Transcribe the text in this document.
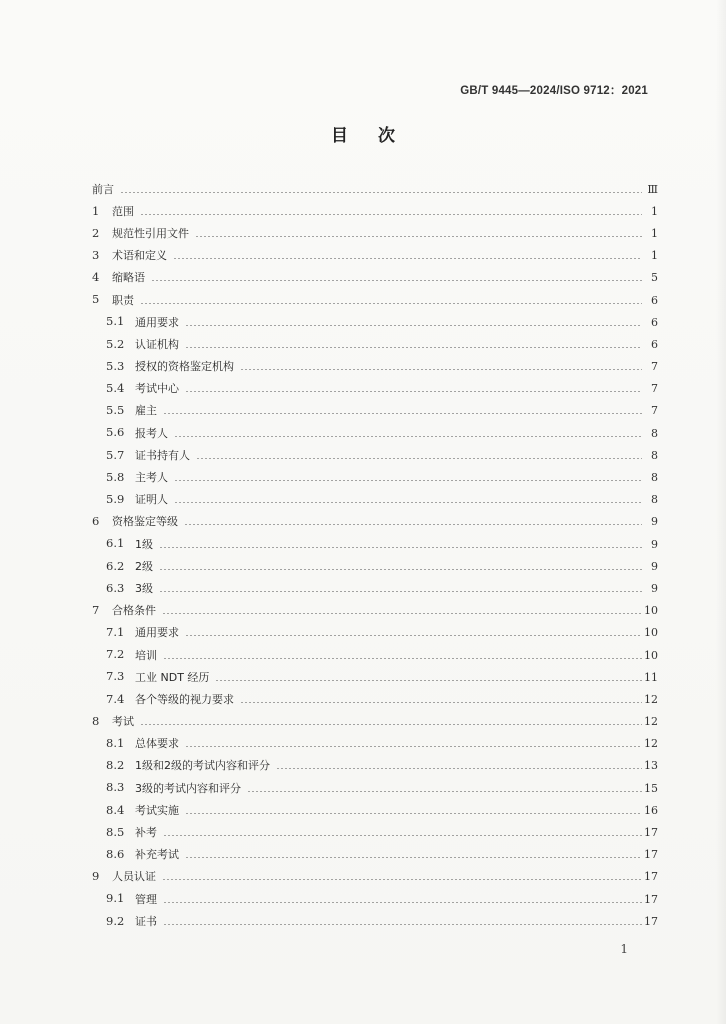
GB/T 9445—2024/ISO 9712：2021
目次
前言	Ⅲ
1	范围	1
2	规范性引用文件	1
3	术语和定义	1
4	缩略语	5
5	职责	6
5.1 通用要求	6
5.2 认证机构	6
5.3 授权的资格鉴定机构	7
5.4 考试中心	7
5.5 雇主	7
5.6 报考人	8
5.7 证书持有人	8
5.8 主考人	8
5.9 证明人	8
6	资格鉴定等级	9
6.1 1级	9
6.2 2级	9
6.3 3级	9
7	合格条件	10
7.1 通用要求	10
7.2 培训	10
7.3 工业 NDT 经历	11
7.4 各个等级的视力要求	12
8	考试	12
8.1 总体要求	12
8.2 1级和2级的考试内容和评分	13
8.3 3级的考试内容和评分	15
8.4 考试实施	16
8.5 补考	17
8.6 补充考试	17
9	人员认证	17
9.1 管理	17
9.2 证书	17
1
